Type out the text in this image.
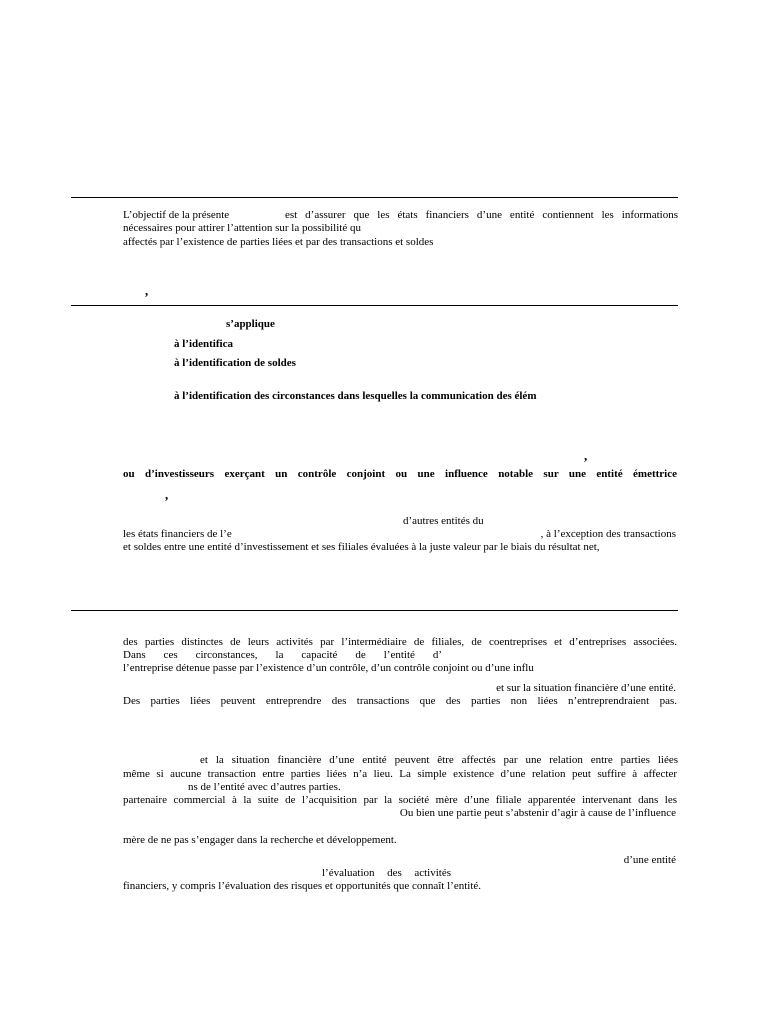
L’objectif de la présente	est d’assurer que les états financiers d’une entité contiennent les informations
nécessaires pour attirer l’attention sur la possibilité qu
affectés par l’existence de parties liées et par des transactions et soldes
,
s’applique
à l’identifica
à l’identification de soldes
à l’identification des circonstances dans lesquelles la communication des élém
,
ou d’investisseurs exerçant un contrôle conjoint ou une influence notable sur une entité émettrice
,
d’autres entités du
les états financiers de l’e	, à l’exception des transactions
et soldes entre une entité d’investissement et ses filiales évaluées à la juste valeur par le biais du résultat net,
des parties distinctes de leurs activités par l’intermédiaire de filiales, de coentreprises et d’entreprises associées.
Dans ces circonstances, la capacité de l’entité d’
l’entreprise détenue passe par l’existence d’un contrôle, d’un contrôle conjoint ou d’une influ
et sur la situation financière d’une entité.
Des parties liées peuvent entreprendre des transactions que des parties non liées n’entreprendraient pas.
et la situation financière d’une entité peuvent être affectés par une relation entre parties liées
même si aucune transaction entre parties liées n’a lieu. La simple existence d’une relation peut suffire à affecter
ns de l’entité avec d’autres parties.
partenaire commercial à la suite de l’acquisition par la société mère d’une filiale apparentée intervenant dans les
Ou bien une partie peut s’abstenir d’agir à cause de l’influence
mère de ne pas s’engager dans la recherche et développement.
d’une entité
l’évaluation des activités
financiers, y compris l’évaluation des risques et opportunités que connaît l’entité.
